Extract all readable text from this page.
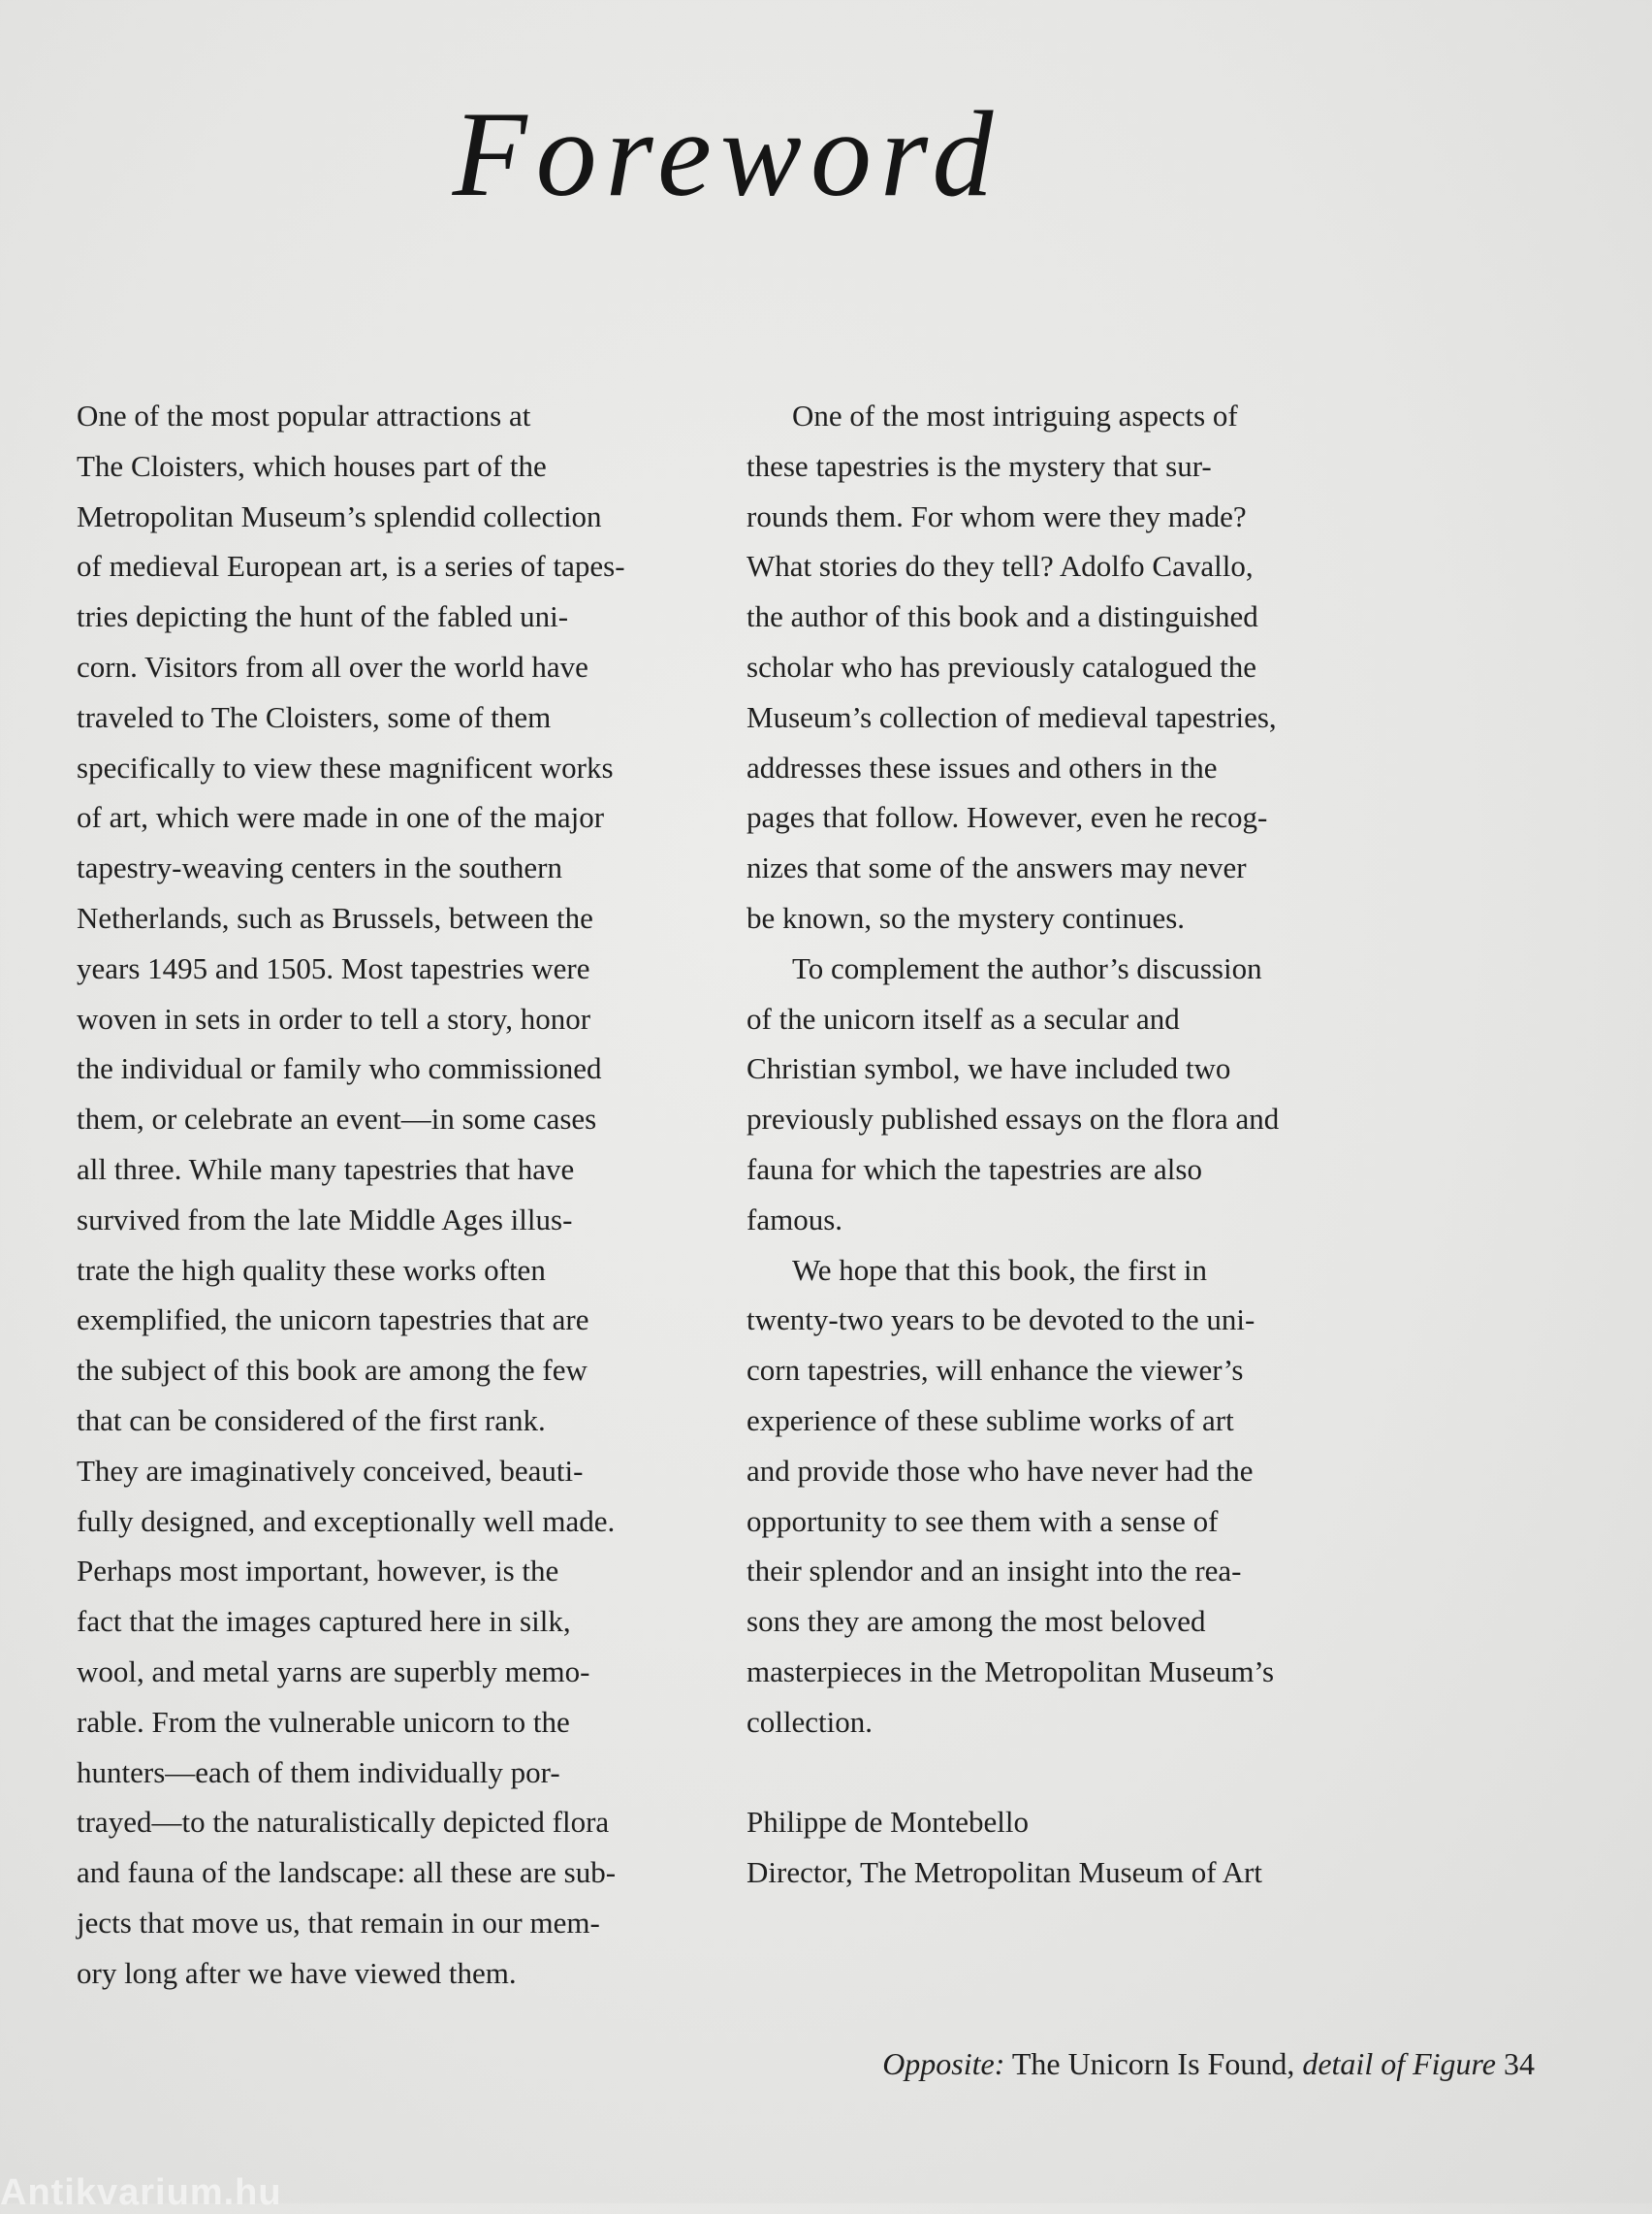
Foreword
One of the most popular attractions at
The Cloisters, which houses part of the
Metropolitan Museum’s splendid collection
of medieval European art, is a series of tapes-
tries depicting the hunt of the fabled uni-
corn. Visitors from all over the world have
traveled to The Cloisters, some of them
specifically to view these magnificent works
of art, which were made in one of the major
tapestry-weaving centers in the southern
Netherlands, such as Brussels, between the
years 1495 and 1505. Most tapestries were
woven in sets in order to tell a story, honor
the individual or family who commissioned
them, or celebrate an event—in some cases
all three. While many tapestries that have
survived from the late Middle Ages illus-
trate the high quality these works often
exemplified, the unicorn tapestries that are
the subject of this book are among the few
that can be considered of the first rank.
They are imaginatively conceived, beauti-
fully designed, and exceptionally well made.
Perhaps most important, however, is the
fact that the images captured here in silk,
wool, and metal yarns are superbly memo-
rable. From the vulnerable unicorn to the
hunters—each of them individually por-
trayed—to the naturalistically depicted flora
and fauna of the landscape: all these are sub-
jects that move us, that remain in our mem-
ory long after we have viewed them.
One of the most intriguing aspects of
these tapestries is the mystery that sur-
rounds them. For whom were they made?
What stories do they tell? Adolfo Cavallo,
the author of this book and a distinguished
scholar who has previously catalogued the
Museum’s collection of medieval tapestries,
addresses these issues and others in the
pages that follow. However, even he recog-
nizes that some of the answers may never
be known, so the mystery continues.
To complement the author’s discussion
of the unicorn itself as a secular and
Christian symbol, we have included two
previously published essays on the flora and
fauna for which the tapestries are also
famous.
We hope that this book, the first in
twenty-two years to be devoted to the uni-
corn tapestries, will enhance the viewer’s
experience of these sublime works of art
and provide those who have never had the
opportunity to see them with a sense of
their splendor and an insight into the rea-
sons they are among the most beloved
masterpieces in the Metropolitan Museum’s
collection.
Philippe de Montebello
Director, The Metropolitan Museum of Art
Opposite: The Unicorn Is Found, detail of Figure 34
Antikvarium.hu
